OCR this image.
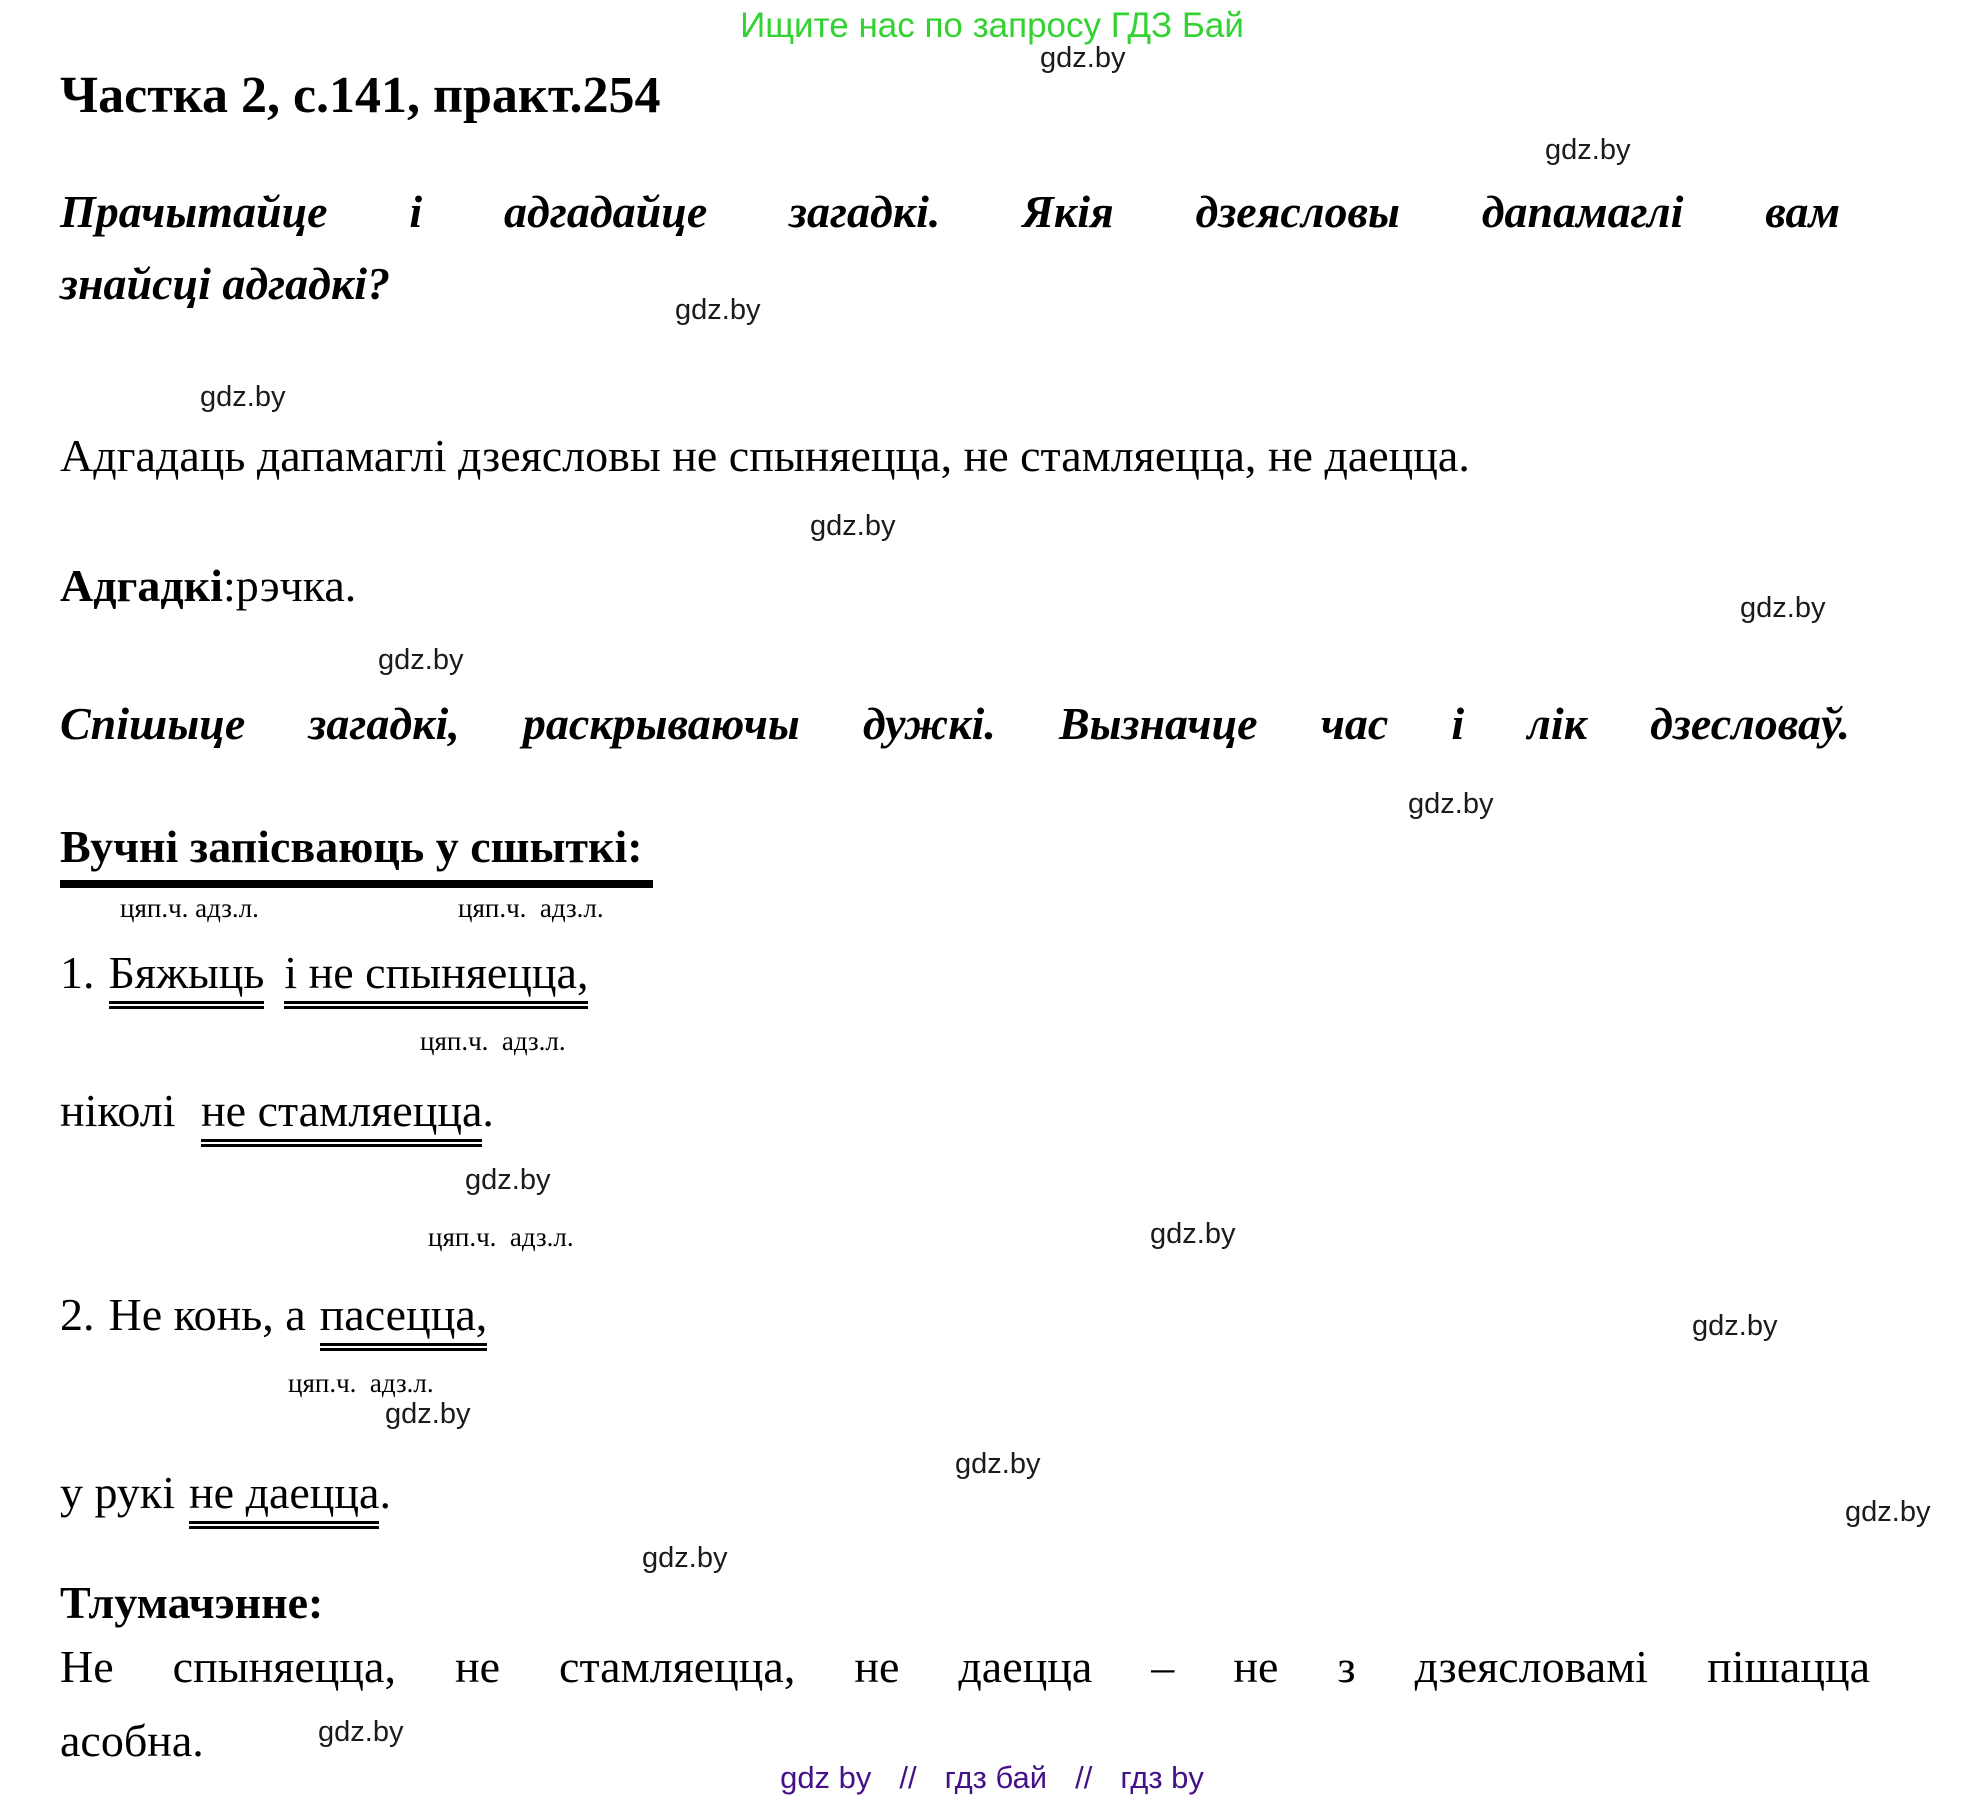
Ищите нас по запросу ГДЗ Бай
gdz.by
gdz.by
gdz.by
gdz.by
gdz.by
gdz.by
gdz.by
gdz.by
gdz.by
gdz.by
gdz.by
gdz.by
gdz.by
gdz.by
gdz.by
gdz.by
Частка 2, с.141, практ.254
Прачытайце і адгадайце загадкі. Якія дзеясловы дапамаглі вам
знайсці адгадкі?
Адгадаць дапамаглі дзеясловы не спыняецца, не стамляецца, не даецца.
Адгадкі:рэчка.
Спішыце загадкі, раскрываючы дужкі. Вызначце час і лік дзесловаў.
Вучні запісваюць у сшыткі:
цяп.ч. адз.л.	цяп.ч.  адз.л.
1. Бяжыць і не спыняецца,
цяп.ч.  адз.л.
ніколі не стамляецца.
цяп.ч.  адз.л.
2. Не конь, а пасецца,
цяп.ч.  адз.л.
у рукі не даецца.
Тлумачэнне:
Не спыняецца, не стамляецца, не даецца – не з дзеясловамі пішацца
асобна.
gdz by // гдз бай // гдз by
